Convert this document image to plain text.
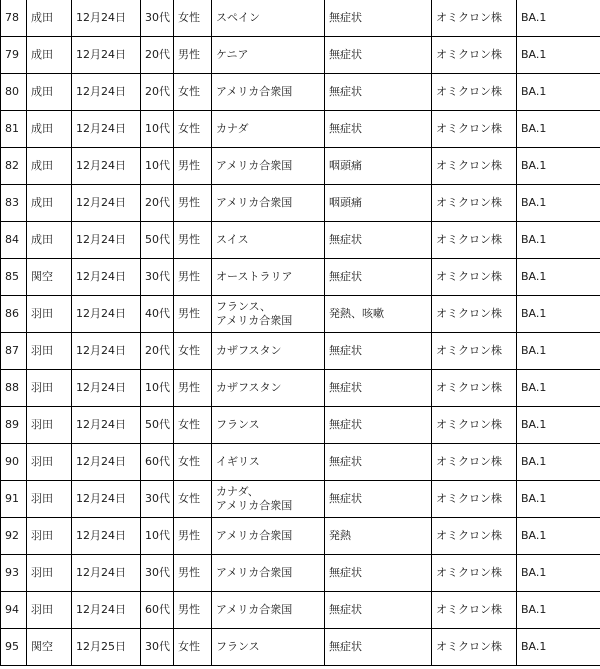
78	成田	12月24日	30代	女性	スペイン	無症状	オミクロン株	BA.1
79	成田	12月24日	20代	男性	ケニア	無症状	オミクロン株	BA.1
80	成田	12月24日	20代	女性	アメリカ合衆国	無症状	オミクロン株	BA.1
81	成田	12月24日	10代	女性	カナダ	無症状	オミクロン株	BA.1
82	成田	12月24日	10代	男性	アメリカ合衆国	咽頭痛	オミクロン株	BA.1
83	成田	12月24日	20代	男性	アメリカ合衆国	咽頭痛	オミクロン株	BA.1
84	成田	12月24日	50代	男性	スイス	無症状	オミクロン株	BA.1
85	関空	12月24日	30代	男性	オーストラリア	無症状	オミクロン株	BA.1
86	羽田	12月24日	40代	男性	フランス、
アメリカ合衆国	発熱、咳嗽	オミクロン株	BA.1
87	羽田	12月24日	20代	女性	カザフスタン	無症状	オミクロン株	BA.1
88	羽田	12月24日	10代	男性	カザフスタン	無症状	オミクロン株	BA.1
89	羽田	12月24日	50代	女性	フランス	無症状	オミクロン株	BA.1
90	羽田	12月24日	60代	女性	イギリス	無症状	オミクロン株	BA.1
91	羽田	12月24日	30代	女性	カナダ、
アメリカ合衆国	無症状	オミクロン株	BA.1
92	羽田	12月24日	10代	男性	アメリカ合衆国	発熱	オミクロン株	BA.1
93	羽田	12月24日	30代	男性	アメリカ合衆国	無症状	オミクロン株	BA.1
94	羽田	12月24日	60代	男性	アメリカ合衆国	無症状	オミクロン株	BA.1
95	関空	12月25日	30代	女性	フランス	無症状	オミクロン株	BA.1
